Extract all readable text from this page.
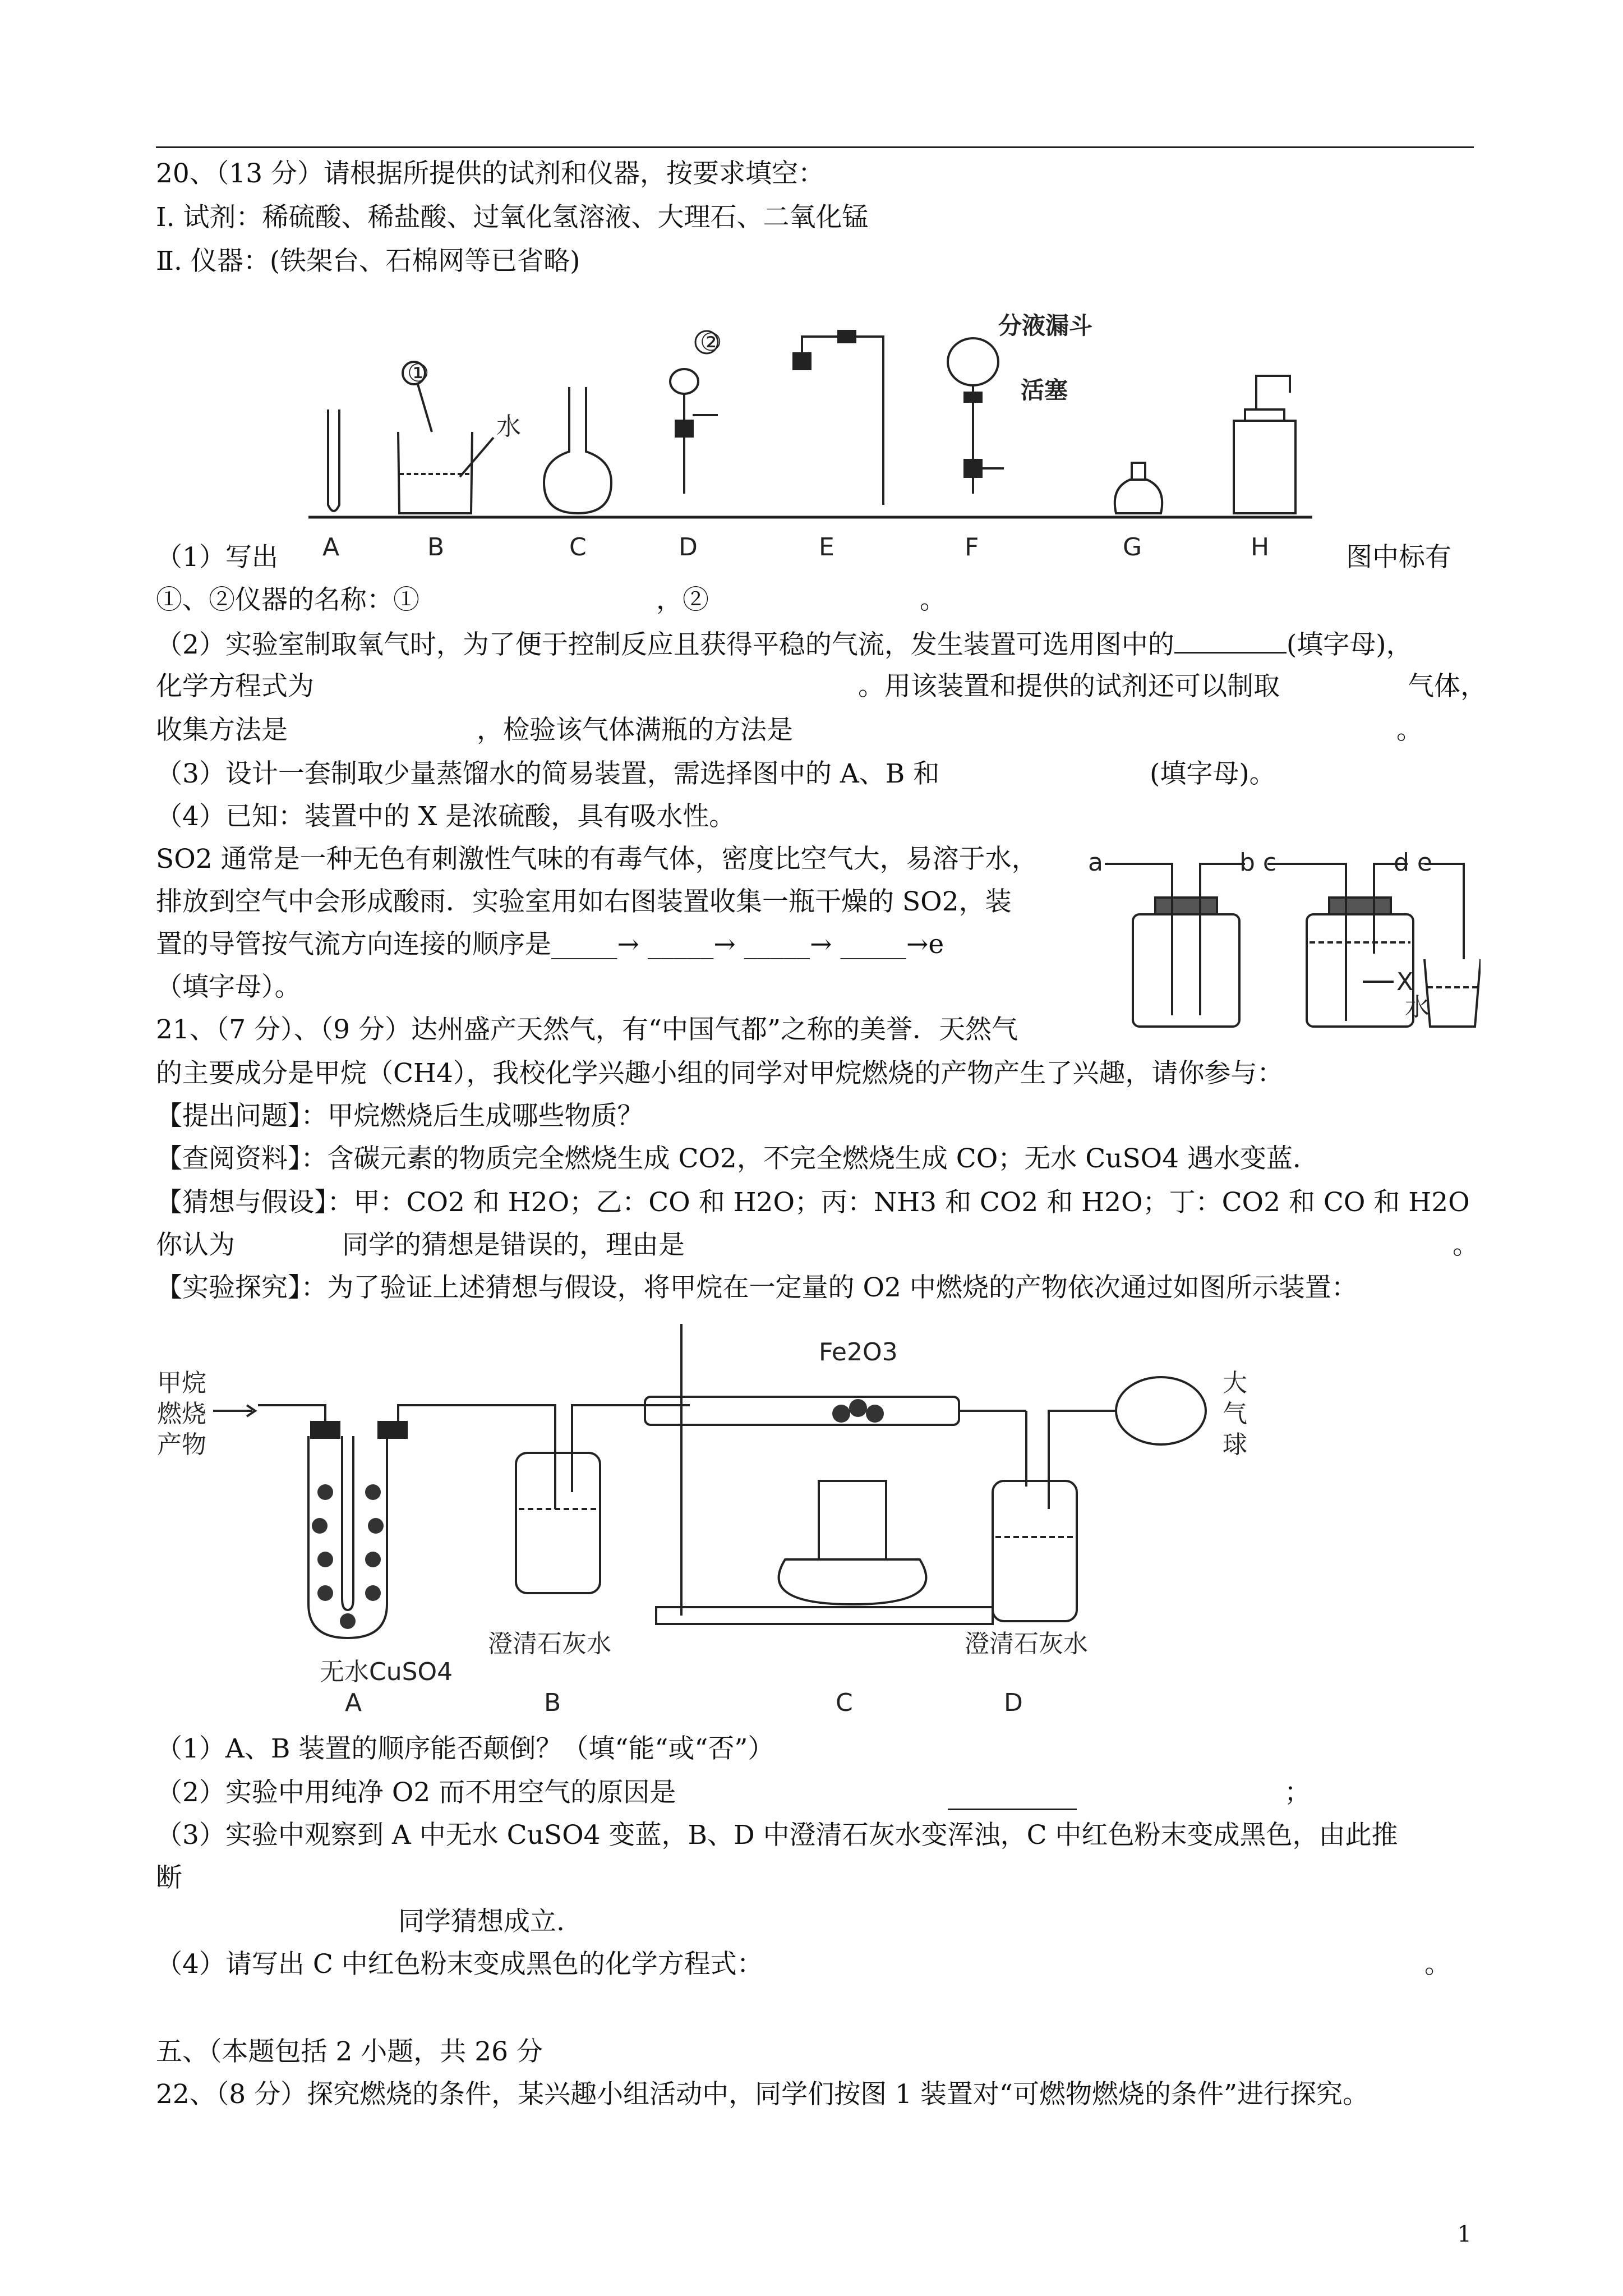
20、（13 分）请根据所提供的试剂和仪器，按要求填空：
I. 试剂：稀硫酸、稀盐酸、过氧化氢溶液、大理石、二氧化锰
Ⅱ. 仪器：(铁架台、石棉网等已省略)
①
水
②
分液漏斗
活塞
A	B	C	D	E	F	G	H
（1）写出	图中标有
①、②仪器的名称：①	，②	。
（2）实验室制取氧气时，为了便于控制反应且获得平稳的气流，发生装置可选用图中的	(填字母)，
化学方程式为	。用该装置和提供的试剂还可以制取	气体，
收集方法是	，检验该气体满瓶的方法是	。
（3）设计一套制取少量蒸馏水的简易装置，需选择图中的 A、B 和	(填字母)。
（4）已知：装置中的 X 是浓硫酸，具有吸水性。
SO2 通常是一种无色有刺激性气味的有毒气体，密度比空气大，易溶于水，
排放到空气中会形成酸雨．实验室用如右图装置收集一瓶干燥的 SO2，装
置的导管按气流方向连接的顺序是_____→ _____→ _____→ _____→e
（填字母）。
a	b c	d e
X
水
21、（7 分）、（9 分）达州盛产天然气，有“中国气都”之称的美誉．天然气
的主要成分是甲烷（CH4），我校化学兴趣小组的同学对甲烷燃烧的产物产生了兴趣，请你参与：
【提出问题】：甲烷燃烧后生成哪些物质？
【查阅资料】：含碳元素的物质完全燃烧生成 CO2，不完全燃烧生成 CO；无水 CuSO4 遇水变蓝．
【猜想与假设】：甲：CO2 和 H2O；乙：CO 和 H2O；丙：NH3 和 CO2 和 H2O；丁：CO2 和 CO 和 H2O
你认为	同学的猜想是错误的，理由是	。
【实验探究】：为了验证上述猜想与假设，将甲烷在一定量的 O2 中燃烧的产物依次通过如图所示装置：
甲烷
燃烧
产物
Fe2O3
大
气
球
无水CuSO4
澄清石灰水	澄清石灰水
A	B	C	D
（1）A、B 装置的顺序能否颠倒？（填“能“或“否”）
（2）实验中用纯净 O2 而不用空气的原因是	；
（3）实验中观察到 A 中无水 CuSO4 变蓝，B、D 中澄清石灰水变浑浊，C 中红色粉末变成黑色，由此推
断
同学猜想成立.
（4）请写出 C 中红色粉末变成黑色的化学方程式：	。
五、（本题包括 2 小题，共 26 分
22、（8 分）探究燃烧的条件，某兴趣小组活动中，同学们按图 1 装置对“可燃物燃烧的条件”进行探究。
1
